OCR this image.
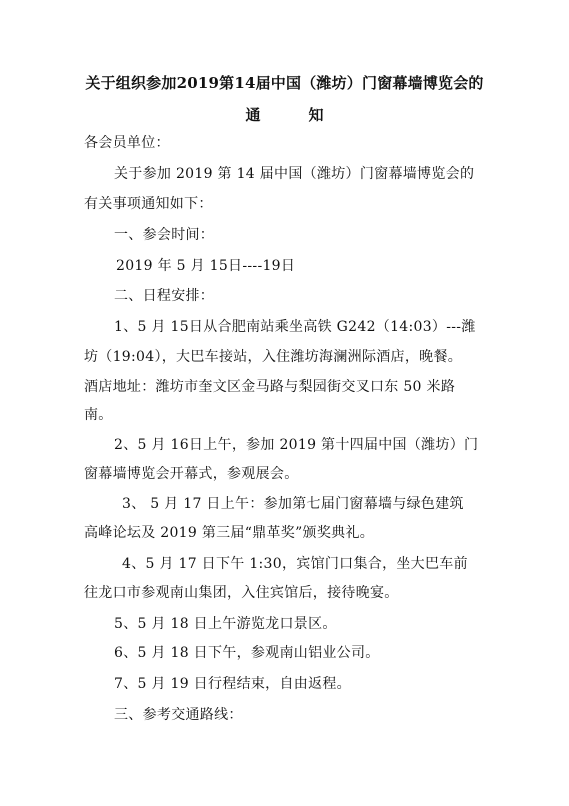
关于组织参加2019第14届中国（潍坊）门窗幕墙博览会的
通	知
各会员单位：
关于参加 2019 第 14 届中国（潍坊）门窗幕墙博览会的
有关事项通知如下：
一、参会时间：
2019 年 5 月 15日----19日
二、日程安排：
1、5 月 15日从合肥南站乘坐高铁 G242（14:03）---潍
坊（19:04），大巴车接站，入住潍坊海澜洲际酒店，晚餐。
酒店地址：潍坊市奎文区金马路与梨园街交叉口东 50 米路
南。
2、5 月 16日上午，参加 2019 第十四届中国（潍坊）门
窗幕墙博览会开幕式，参观展会。
3、 5 月 17 日上午：参加第七届门窗幕墙与绿色建筑
高峰论坛及 2019 第三届“鼎革奖”颁奖典礼。
4、5 月 17 日下午 1:30，宾馆门口集合，坐大巴车前
往龙口市参观南山集团，入住宾馆后，接待晚宴。
5、5 月 18 日上午游览龙口景区。
6、5 月 18 日下午，参观南山铝业公司。
7、5 月 19 日行程结束，自由返程。
三、参考交通路线：
